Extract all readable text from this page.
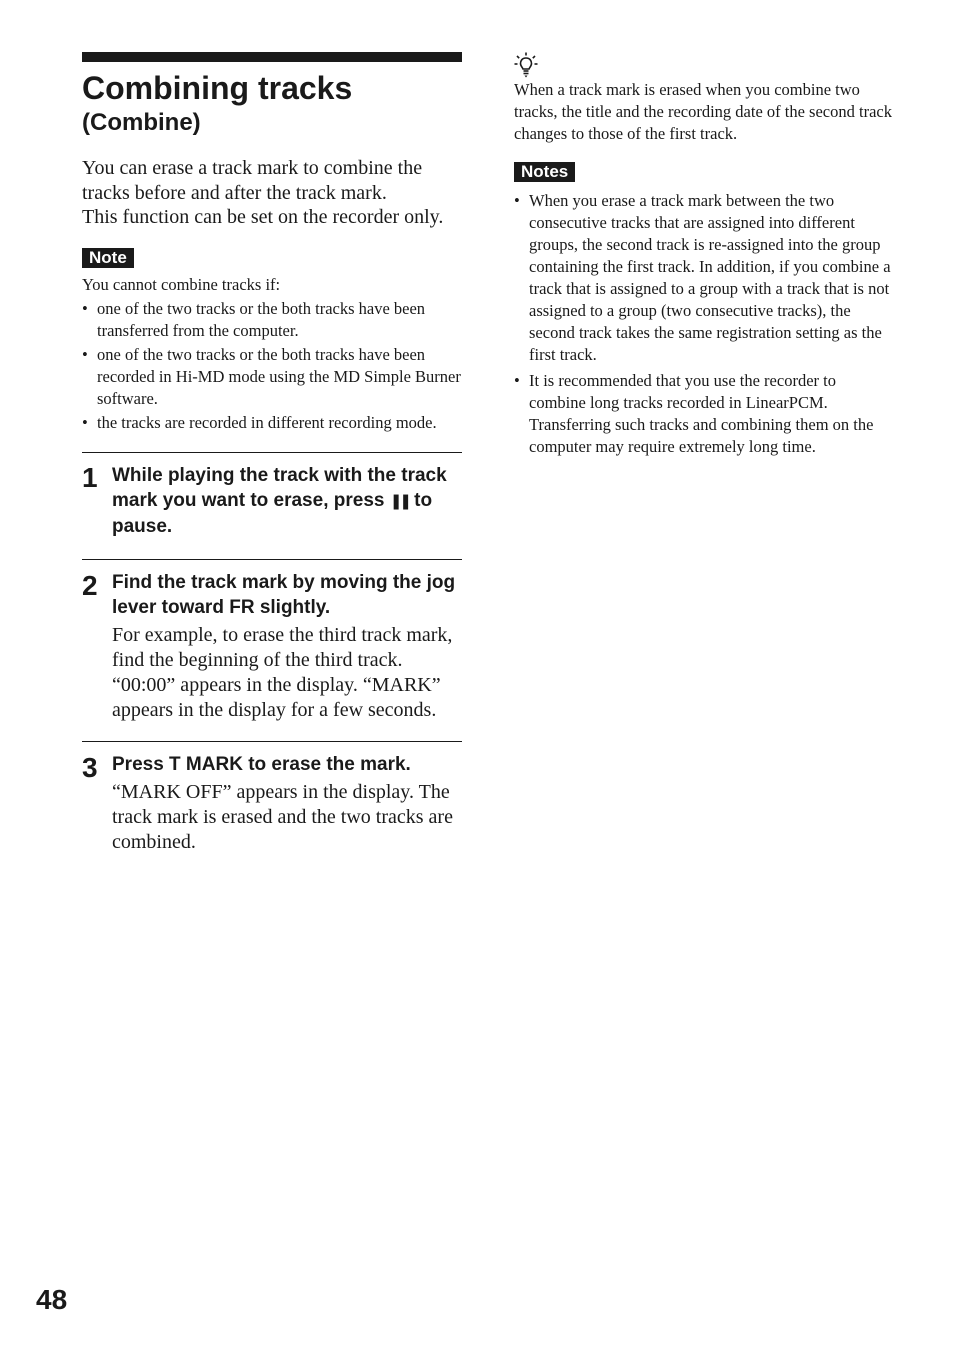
Combining tracks
(Combine)

You can erase a track mark to combine the tracks before and after the track mark.

This function can be set on the recorder only.

Note

You cannot combine tracks if:

• one of the two tracks or the both tracks have been transferred from the computer.
• one of the two tracks or the both tracks have been recorded in Hi-MD mode using the MD Simple Burner software.
• the tracks are recorded in different recording mode.
1 While playing the track with the track mark you want to erase, press ❚❚ to pause.
2 Find the track mark by moving the jog lever toward FR slightly.

For example, to erase the third track mark, find the beginning of the third track.

“00:00” appears in the display. “MARK” appears in the display for a few seconds.

3 Press T MARK to erase the mark.

“MARK OFF” appears in the display. The track mark is erased and the two tracks are combined.

When a track mark is erased when you combine two tracks, the title and the recording date of the second track changes to those of the first track.

Notes
• When you erase a track mark between the two consecutive tracks that are assigned into different groups, the second track is re-assigned into the group containing the first track. In addition, if you combine a track that is assigned to a group with a track that is not assigned to a group (two consecutive tracks), the second track takes the same registration setting as the first track.
• It is recommended that you use the recorder to combine long tracks recorded in LinearPCM. Transferring such tracks and combining them on the computer may require extremely long time.
48
